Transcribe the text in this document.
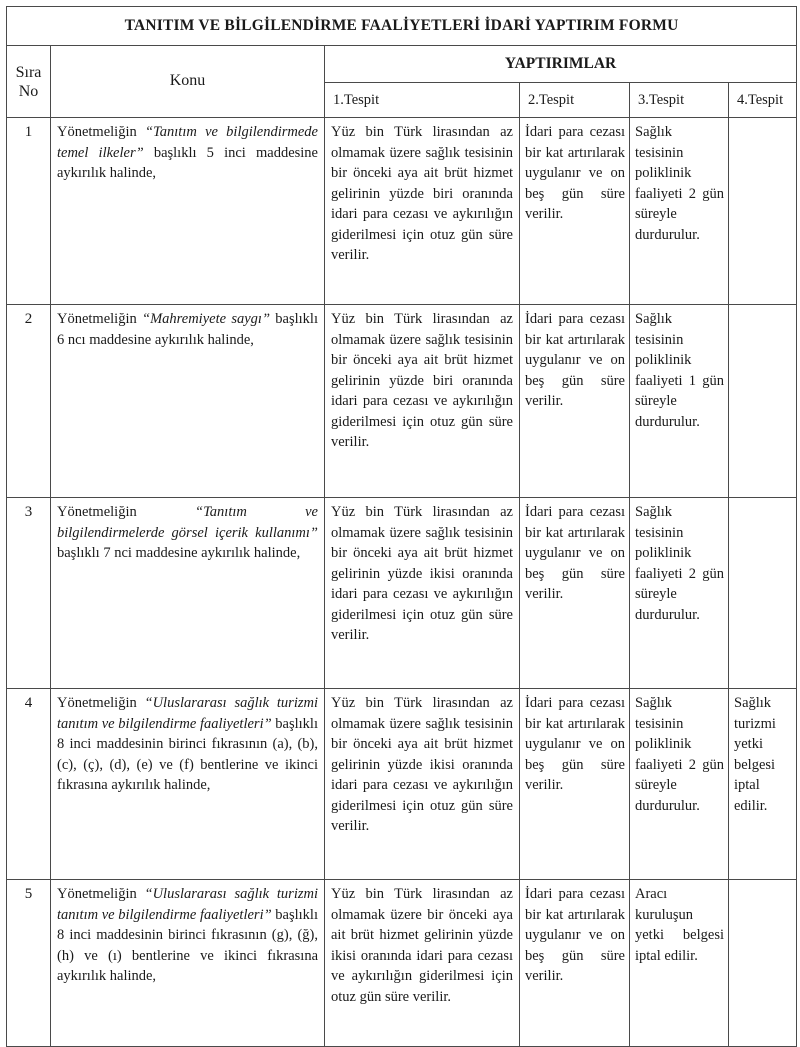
TANITIM VE BİLGİLENDİRME FAALİYETLERİ İDARİ YAPTIRIM FORMU					
Sıra No	Konu	YAPTIRIMLAR			
		1.Tespit	2.Tespit	3.Tespit	4.Tespit
1	Yönetmeliğin “Tanıtım ve bilgilendirmede temel ilkeler” başlıklı 5 inci maddesine aykırılık halinde,	Yüz bin Türk lirasından az olmamak üzere sağlık tesisinin bir önceki aya ait brüt hizmet gelirinin yüzde biri oranında idari para cezası ve aykırılığın giderilmesi için otuz gün süre verilir.	İdari para cezası bir kat artırılarak uygulanır ve on beş gün süre verilir.	Sağlık tesisinin poliklinik faaliyeti 2 gün süreyle durdurulur.	
2	Yönetmeliğin “Mahremiyete saygı” başlıklı 6 ncı maddesine aykırılık halinde,	Yüz bin Türk lirasından az olmamak üzere sağlık tesisinin bir önceki aya ait brüt hizmet gelirinin yüzde biri oranında idari para cezası ve aykırılığın giderilmesi için otuz gün süre verilir.	İdari para cezası bir kat artırılarak uygulanır ve on beş gün süre verilir.	Sağlık tesisinin poliklinik faaliyeti 1 gün süreyle durdurulur.	
3	Yönetmeliğin “Tanıtım ve bilgilendirmelerde görsel içerik kullanımı” başlıklı 7 nci maddesine aykırılık halinde,	Yüz bin Türk lirasından az olmamak üzere sağlık tesisinin bir önceki aya ait brüt hizmet gelirinin yüzde ikisi oranında idari para cezası ve aykırılığın giderilmesi için otuz gün süre verilir.	İdari para cezası bir kat artırılarak uygulanır ve on beş gün süre verilir.	Sağlık tesisinin poliklinik faaliyeti 2 gün süreyle durdurulur.	
4	Yönetmeliğin “Uluslararası sağlık turizmi tanıtım ve bilgilendirme faaliyetleri” başlıklı 8 inci maddesinin birinci fıkrasının (a), (b), (c), (ç), (d), (e) ve (f) bentlerine ve ikinci fıkrasına aykırılık halinde,	Yüz bin Türk lirasından az olmamak üzere sağlık tesisinin bir önceki aya ait brüt hizmet gelirinin yüzde ikisi oranında idari para cezası ve aykırılığın giderilmesi için otuz gün süre verilir.	İdari para cezası bir kat artırılarak uygulanır ve on beş gün süre verilir.	Sağlık tesisinin poliklinik faaliyeti 2 gün süreyle durdurulur.	Sağlık turizmi yetki belgesi iptal edilir.
5	Yönetmeliğin “Uluslararası sağlık turizmi tanıtım ve bilgilendirme faaliyetleri” başlıklı 8 inci maddesinin birinci fıkrasının (g), (ğ), (h) ve (ı) bentlerine ve ikinci fıkrasına aykırılık halinde,	Yüz bin Türk lirasından az olmamak üzere bir önceki aya ait brüt hizmet gelirinin yüzde ikisi oranında idari para cezası ve aykırılığın giderilmesi için otuz gün süre verilir.	İdari para cezası bir kat artırılarak uygulanır ve on beş gün süre verilir.	Aracı kuruluşun yetki belgesi iptal edilir.	
